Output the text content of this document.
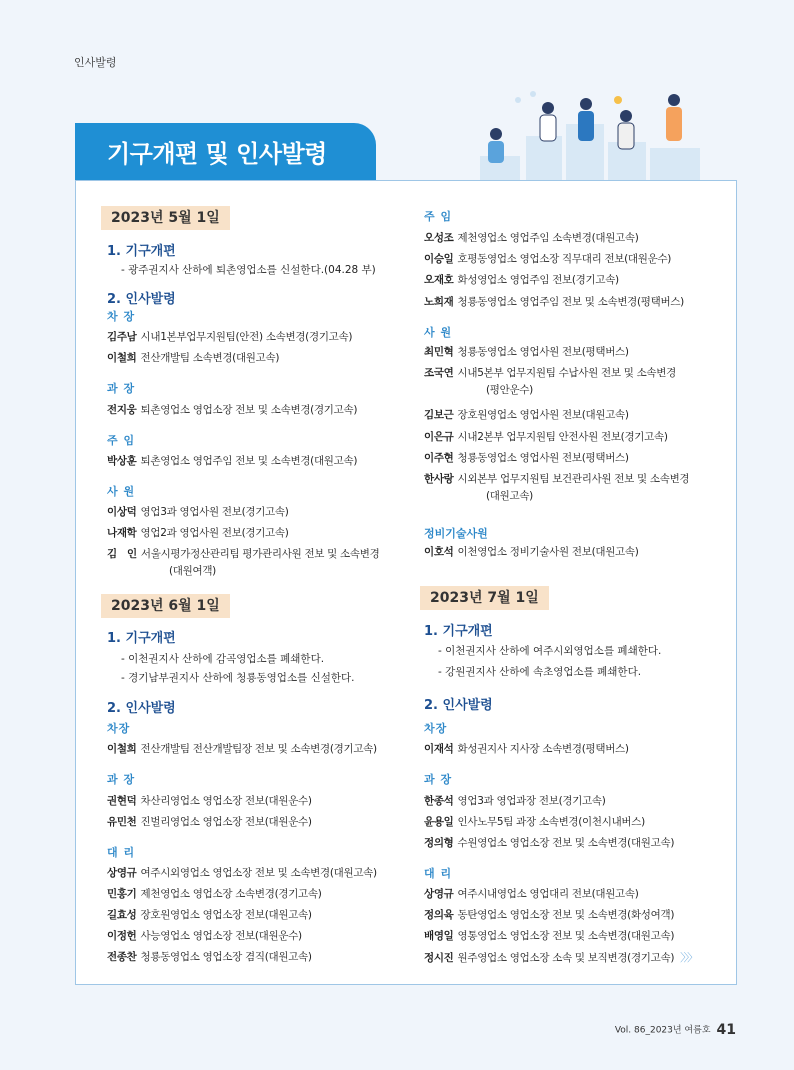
인사발령
기구개편 및 인사발령
2023년 5월 1일
1. 기구개편
- 광주권지사 산하에 퇴촌영업소를 신설한다.(04.28 부)
2. 인사발령
차 장
김주남 시내1본부업무지원팀(안전) 소속변경(경기고속)
이철희 전산개발팀 소속변경(대원고속)
과 장
전지웅 퇴촌영업소 영업소장 전보 및 소속변경(경기고속)
주 임
박상훈 퇴촌영업소 영업주임 전보 및 소속변경(대원고속)
사 원
이상덕 영업3과 영업사원 전보(경기고속)
나재학 영업2과 영업사원 전보(경기고속)
김　인 서울시평가정산관리팀 평가관리사원 전보 및 소속변경
(대원여객)
2023년 6월 1일
1. 기구개편
- 이천권지사 산하에 감곡영업소를 폐쇄한다.
- 경기남부권지사 산하에 청룡동영업소를 신설한다.
2. 인사발령
차장
이철희 전산개발팀 전산개발팀장 전보 및 소속변경(경기고속)
과 장
권현덕 차산리영업소 영업소장 전보(대원운수)
유민천 진벌리영업소 영업소장 전보(대원운수)
대 리
상영규 여주시외영업소 영업소장 전보 및 소속변경(대원고속)
민홍기 제천영업소 영업소장 소속변경(경기고속)
길효성 장호원영업소 영업소장 전보(대원고속)
이정헌 사능영업소 영업소장 전보(대원운수)
전종찬 청룡동영업소 영업소장 겸직(대원고속)
주 임
오성조 제천영업소 영업주임 소속변경(대원고속)
이승일 호평동영업소 영업소장 직무대리 전보(대원운수)
오재호 화성영업소 영업주임 전보(경기고속)
노희재 청룡동영업소 영업주임 전보 및 소속변경(평택버스)
사 원
최민혁 청룡동영업소 영업사원 전보(평택버스)
조국연 시내5본부 업무지원팀 수납사원 전보 및 소속변경
(평안운수)
김보근 장호원영업소 영업사원 전보(대원고속)
이은규 시내2본부 업무지원팀 안전사원 전보(경기고속)
이주현 청룡동영업소 영업사원 전보(평택버스)
한사랑 시외본부 업무지원팀 보건관리사원 전보 및 소속변경
(대원고속)
정비기술사원
이호석 이천영업소 정비기술사원 전보(대원고속)
2023년 7월 1일
1. 기구개편
- 이천권지사 산하에 여주시외영업소를 폐쇄한다.
- 강원권지사 산하에 속초영업소를 폐쇄한다.
2. 인사발령
차장
이재석 화성권지사 지사장 소속변경(평택버스)
과 장
한종석 영업3과 영업과장 전보(경기고속)
윤용일 인사노무5팀 과장 소속변경(이천시내버스)
정의형 수원영업소 영업소장 전보 및 소속변경(대원고속)
대 리
상영규 여주시내영업소 영업대리 전보(대원고속)
정의육 동탄영업소 영업소장 전보 및 소속변경(화성여객)
배영일 영통영업소 영업소장 전보 및 소속변경(대원고속)
정시진 원주영업소 영업소장 소속 및 보직변경(경기고속) 〉〉〉
Vol. 86_2023년 여름호 41
